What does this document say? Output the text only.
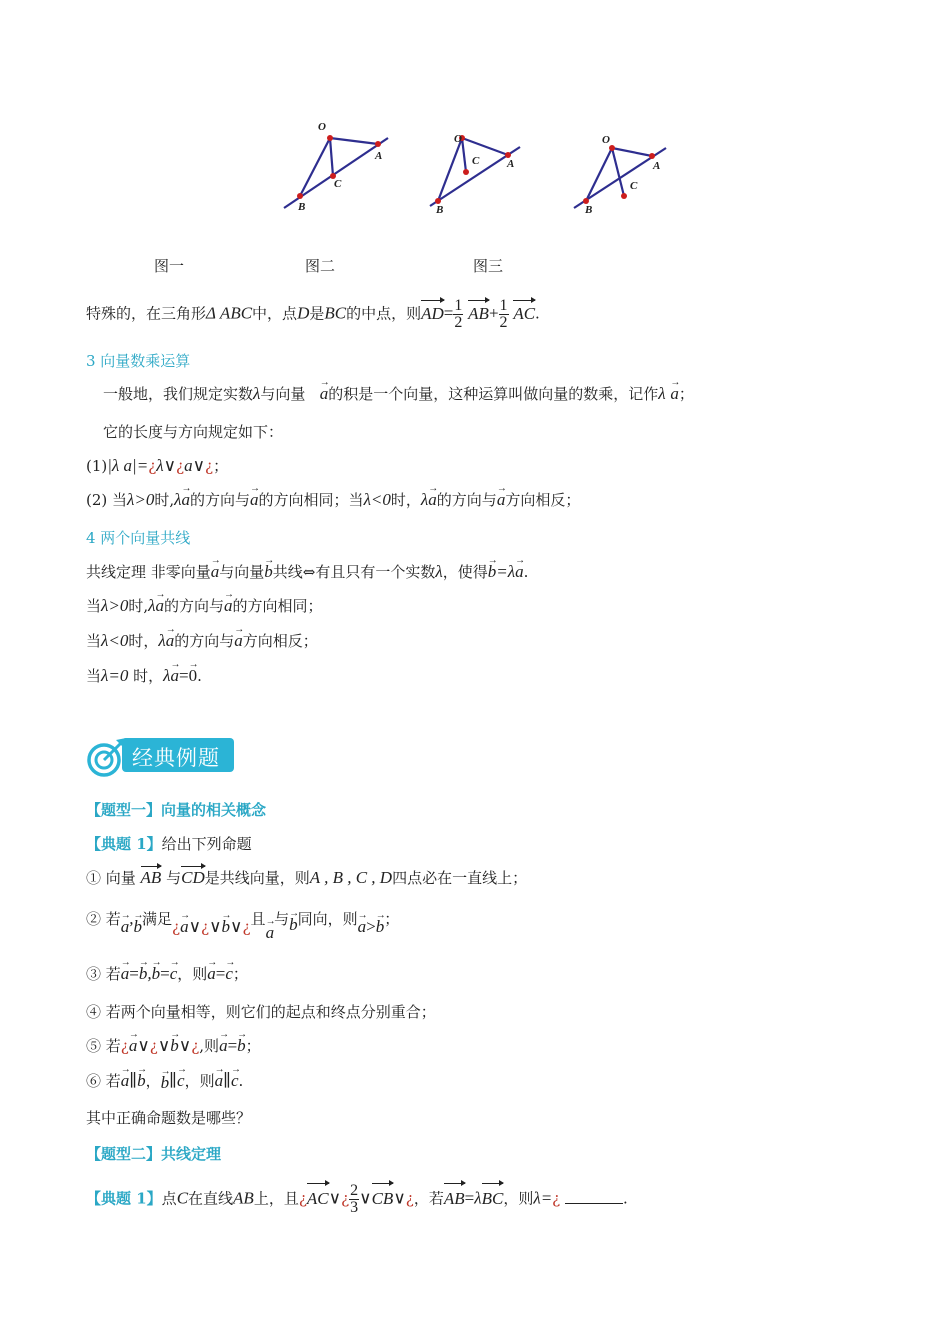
O
A
C
B
O
C	A
B
O
A
C
B
图一	图二	图三
特殊的，在三角形Δ ABC中，点D是BC的中点，则$AD= \frac{1}{2} AB+ \frac{1}{2}$ AC.
3 向量数乘运算
一般地，我们规定实数λ与向量 a →的积是一个向量，这种运算叫做向量的数乘，记作λ a →；
它的长度与方向规定如下：
(1)|λ a|=¿λ∨¿a∨¿；
(2) 当λ>0时,λa →的方向与a →的方向相同；当λ<0时，λa →的方向与a →方向相反；
4 两个向量共线
共线定理 非零向量a →与向量b →共线⇔有且只有一个实数λ，使得b →=λa →.
当λ>0时,λa →的方向与a →的方向相同；
当λ<0时，λa →的方向与a →方向相反；
当λ=0 时，λa →=0 →.
经典例题
【题型一】向量的相关概念
【典题 1】给出下列命题
① 向量 AB 与CD是共线向量，则A , B , C , D四点必在一直线上；
② 若a →,b →满足¿a →∨¿∨b →∨¿且a →与b →同向，则a →>b →；
③ 若a →=b →,b →=c →，则a →=c →；
④ 若两个向量相等，则它们的起点和终点分别重合；
⑤ 若¿a →∨¿∨b →∨¿,则a →=b →；
⑥ 若a →∥b →，b →∥c →，则a →∥c →.
其中正确命题数是哪些？
【题型二】共线定理
【典题 1】点C在直线AB上，且¿AC∨¿ $\frac{2}{3}$ ∨CB∨¿，若AB=λBC，则λ=¿	.
